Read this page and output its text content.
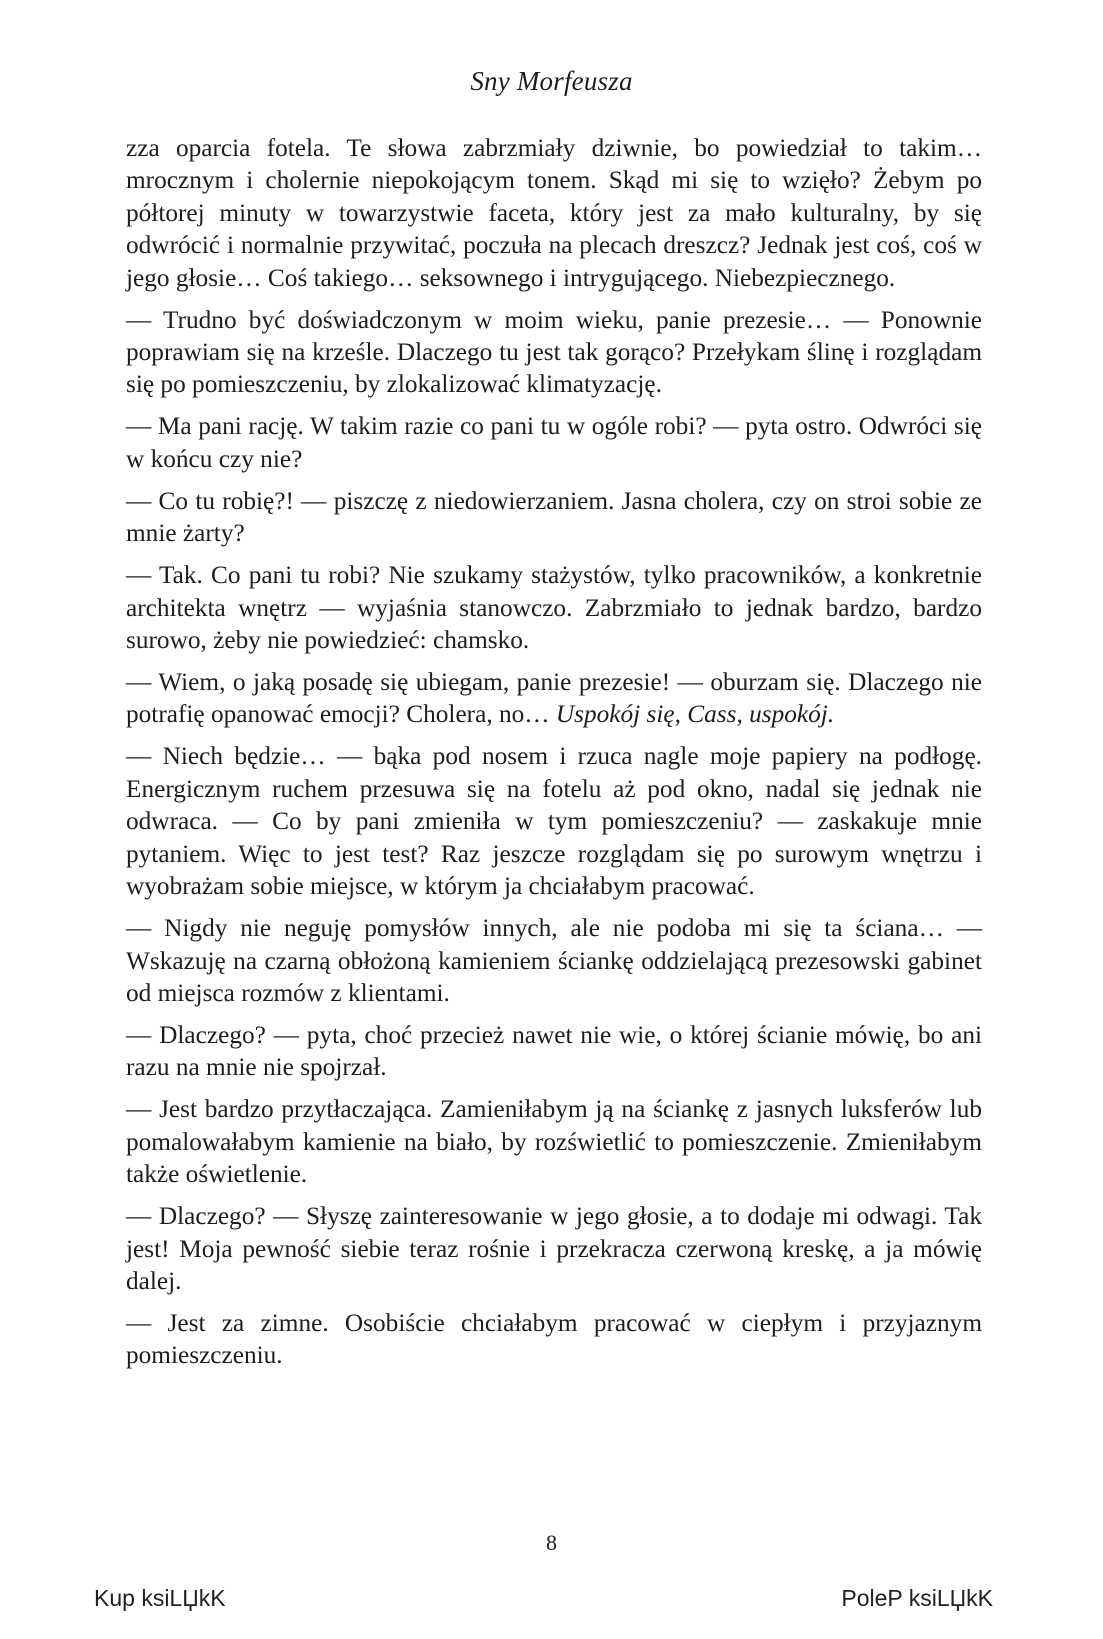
Sny Morfeusza

zza oparcia fotela. Te słowa zabrzmiały dziwnie, bo powiedział to takim… mrocznym i cholernie niepokojącym tonem. Skąd mi się to wzięło? Żebym po półtorej minuty w towarzystwie faceta, który jest za mało kulturalny, by się odwrócić i normalnie przywitać, poczuła na plecach dreszcz? Jednak jest coś, coś w jego głosie… Coś takiego… seksownego i intrygującego. Niebezpiecznego.

— Trudno być doświadczonym w moim wieku, panie prezesie… — Ponownie poprawiam się na krześle. Dlaczego tu jest tak gorąco? Przełykam ślinę i rozglądam się po pomieszczeniu, by zlokalizować klimatyzację.

— Ma pani rację. W takim razie co pani tu w ogóle robi? — pyta ostro. Odwróci się w końcu czy nie?

— Co tu robię?! — piszczę z niedowierzaniem. Jasna cholera, czy on stroi sobie ze mnie żarty?

— Tak. Co pani tu robi? Nie szukamy stażystów, tylko pracowników, a konkretnie architekta wnętrz — wyjaśnia stanowczo. Zabrzmiało to jednak bardzo, bardzo surowo, żeby nie powiedzieć: chamsko.

— Wiem, o jaką posadę się ubiegam, panie prezesie! — oburzam się. Dlaczego nie potrafię opanować emocji? Cholera, no… Uspokój się, Cass, uspokój.

— Niech będzie… — bąka pod nosem i rzuca nagle moje papiery na podłogę. Energicznym ruchem przesuwa się na fotelu aż pod okno, nadal się jednak nie odwraca. — Co by pani zmieniła w tym pomieszczeniu? — zaskakuje mnie pytaniem. Więc to jest test? Raz jeszcze rozglądam się po surowym wnętrzu i wyobrażam sobie miejsce, w którym ja chciałabym pracować.

— Nigdy nie neguję pomysłów innych, ale nie podoba mi się ta ściana… — Wskazuję na czarną obłożoną kamieniem ściankę oddzielającą prezesowski gabinet od miejsca rozmów z klientami.

— Dlaczego? — pyta, choć przecież nawet nie wie, o której ścianie mówię, bo ani razu na mnie nie spojrzał.

— Jest bardzo przytłaczająca. Zamieniłabym ją na ściankę z jasnych luksferów lub pomalowałabym kamienie na biało, by rozświetlić to pomieszczenie. Zmieniłabym także oświetlenie.

— Dlaczego? — Słyszę zainteresowanie w jego głosie, a to dodaje mi odwagi. Tak jest! Moja pewność siebie teraz rośnie i przekracza czerwoną kreskę, a ja mówię dalej.

— Jest za zimne. Osobiście chciałabym pracować w ciepłym i przyjaznym pomieszczeniu.

8
Kup ksiLЏkK	PoleP ksiLЏkK
